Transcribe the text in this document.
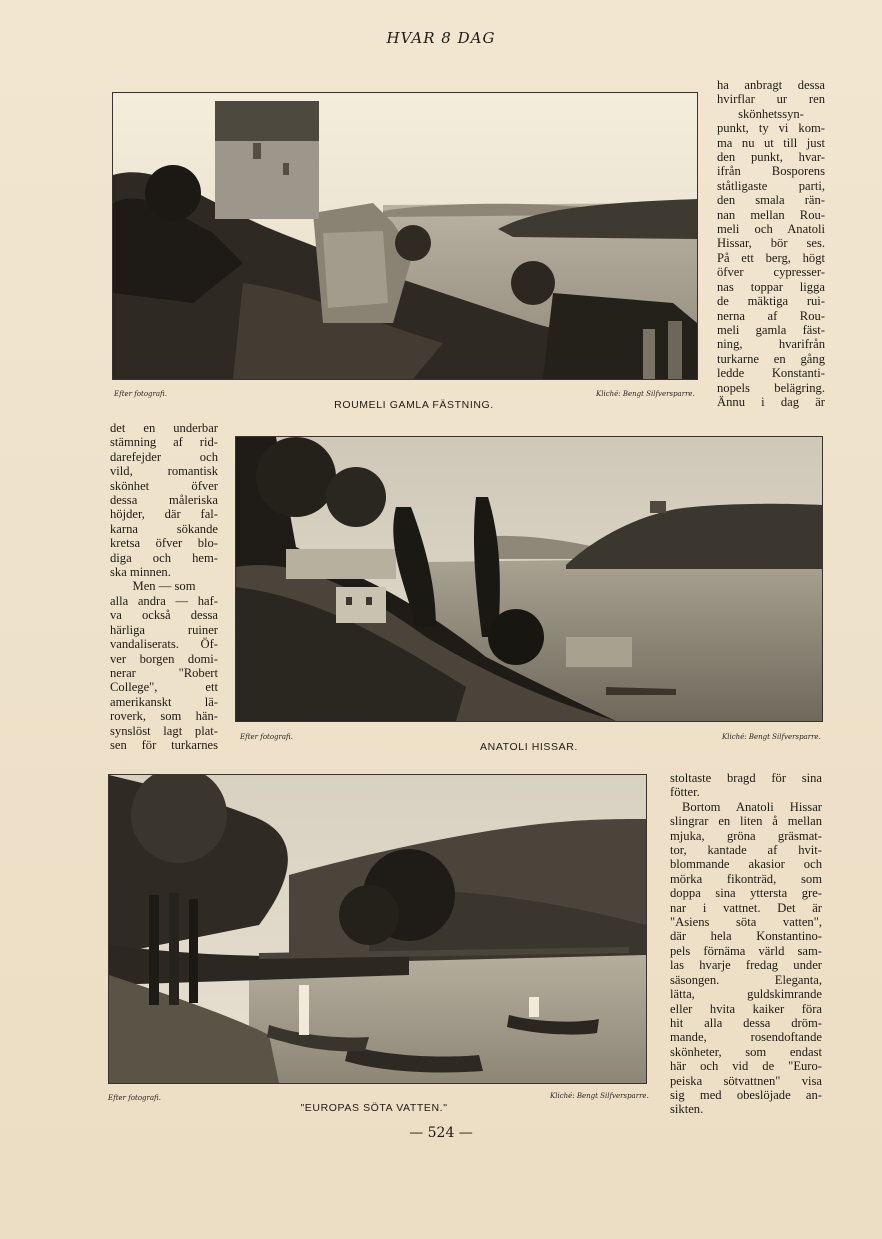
HVAR 8 DAG
Efter fotografi.
ROUMELI GAMLA FÄSTNING.
Kliché: Bengt Silfversparre.
ha anbragt dessa
hvirflar ur ren
skönhetssyn-
punkt, ty vi kom-
ma nu ut till just
den punkt, hvar-
ifrån Bosporens
ståtligaste parti,
den smala rän-
nan mellan Rou-
meli och Anatoli
Hissar, bör ses.
På ett berg, högt
öfver cypresser-
nas toppar ligga
de mäktiga rui-
nerna af Rou-
meli gamla fäst-
ning, hvarifrån
turkarne en gång
ledde Konstanti-
nopels belägring.
Ännu i dag är
det en underbar
stämning af rid-
darefejder och
vild, romantisk
skönhet öfver
dessa måleriska
höjder, där fal-
karna sökande
kretsa öfver blo-
diga och hem-
ska minnen.
Men — som
alla andra — haf-
va också dessa
härliga ruiner
vandaliserats. Öf-
ver borgen domi-
nerar "Robert
College", ett
amerikanskt lä-
roverk, som hän-
synslöst lagt plat-
sen för turkarnes
Efter fotografi.
ANATOLI HISSAR.
Kliché: Bengt Silfversparre.
Efter fotografi.
"EUROPAS SÖTA VATTEN."
Kliché: Bengt Silfversparre.
stoltaste bragd för sina
fötter.
Bortom Anatoli Hissar
slingrar en liten å mellan
mjuka, gröna gräsmat-
tor, kantade af hvit-
blommande akasior och
mörka fikonträd, som
doppa sina yttersta gre-
nar i vattnet. Det är
"Asiens söta vatten",
där hela Konstantino-
pels förnäma värld sam-
las hvarje fredag under
säsongen. Eleganta,
lätta, guldskimrande
eller hvita kaiker föra
hit alla dessa dröm-
mande, rosendoftande
skönheter, som endast
här och vid de "Euro-
peiska sötvattnen" visa
sig med obeslöjade an-
sikten.
— 524 —
